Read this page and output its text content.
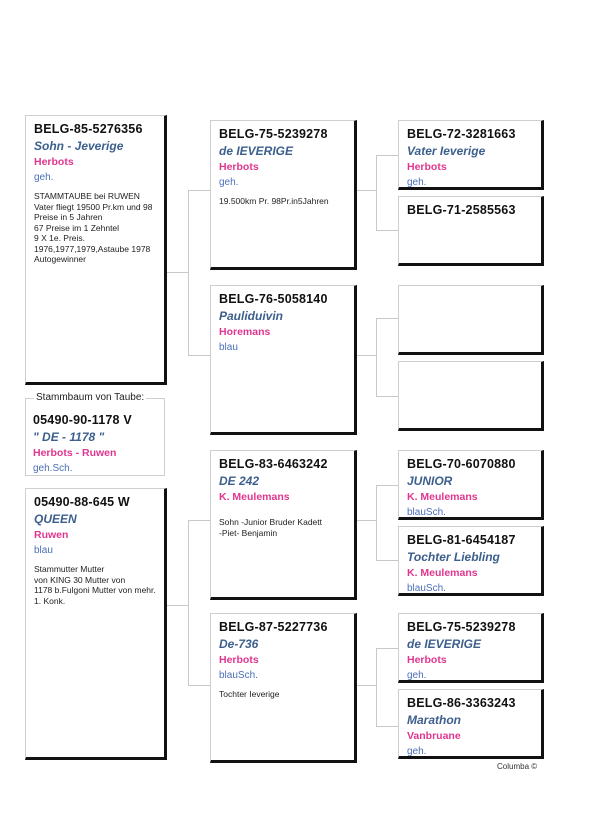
BELG-85-5276356
Sohn - Jeverige
Herbots
geh.
STAMMTAUBE bei RUWEN
Vater fliegt 19500 Pr.km und 98
Preise in 5 Jahren
67 Preise im 1 Zehntel
9 X 1e. Preis.
1976,1977,1979,Astaube 1978
Autogewinner
Stammbaum von Taube:
05490-90-1178 V
" DE - 1178 "
Herbots - Ruwen
geh.Sch.
05490-88-645 W
QUEEN
Ruwen
blau
Stammutter Mutter
von KING 30 Mutter von
1178 b.Fulgoni Mutter von mehr.
1. Konk.
BELG-75-5239278
de IEVERIGE
Herbots
geh.
19.500km Pr. 98Pr.in5Jahren
BELG-76-5058140
Pauliduivin
Horemans
blau
BELG-83-6463242
DE 242
K. Meulemans
Sohn -Junior Bruder Kadett
-Piet- Benjamin
BELG-87-5227736
De-736
Herbots
blauSch.
Tochter Ieverige
BELG-72-3281663
Vater Ieverige
Herbots
geh.
BELG-71-2585563
BELG-70-6070880
JUNIOR
K. Meulemans
blauSch.
BELG-81-6454187
Tochter Liebling
K. Meulemans
blauSch.
BELG-75-5239278
de IEVERIGE
Herbots
geh.
BELG-86-3363243
Marathon
Vanbruane
geh.
Columba ©
